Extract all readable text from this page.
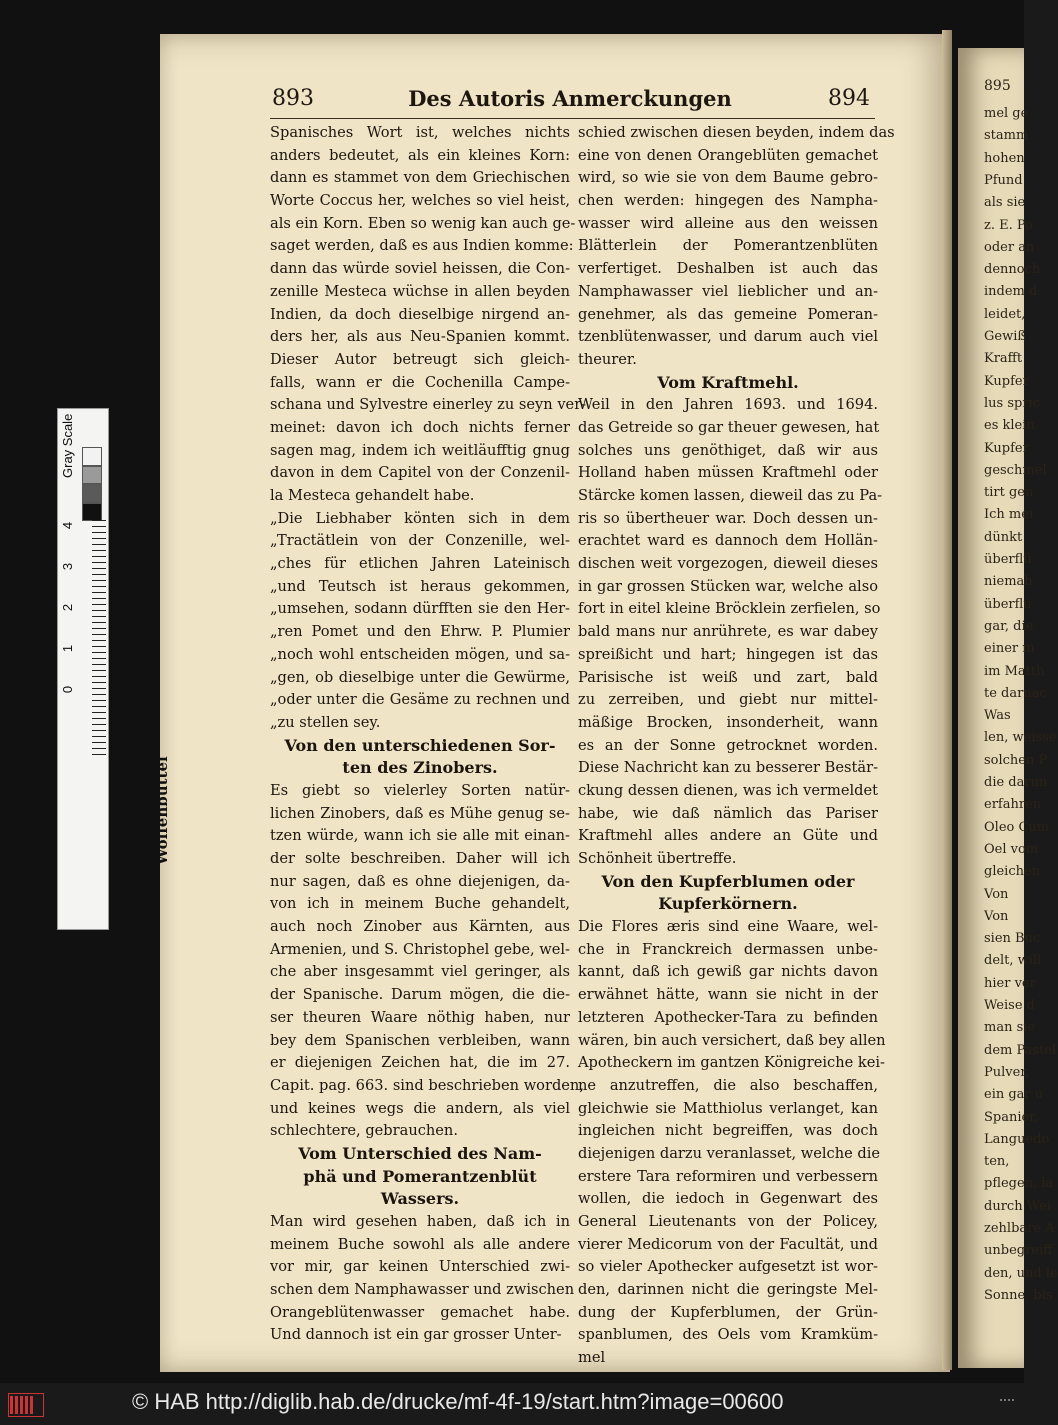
895
mel ge
stamm
hohen
Pfund
als sie
z. E. Po
oder an
dennoch
indem d
leidet,
Gewiß
Krafft
Kupfer
lus spric
es klein
Kupfer
geschmel
tirt gen
Ich mei
dünkt
überflü
niemah
überflü
gar, die
einer m
im Matth
te darnac
Was
len, weisse
solchen P
die darun
erfahren
Oleo Cum
Oel vom
gleichen
Von
Von
sien Buc
delt, will
hier ver
Weise d
man sie
dem Pastel
Pulver,
ein gar u
Spanier,
Languedo
ten,
pflegen, la
durch Wei
zehlbare A
unbegreiff
den, und le
Sonne, bis
893	Des Autoris Anmerckungen	894
Spanisches Wort ist, welches nichts
anders bedeutet, als ein kleines Korn:
dann es stammet von dem Griechischen
Worte Coccus her, welches so viel heist,
als ein Korn. Eben so wenig kan auch ge-
saget werden, daß es aus Indien komme:
dann das würde soviel heissen, die Con-
zenille Mesteca wüchse in allen beyden
Indien, da doch dieselbige nirgend an-
ders her, als aus Neu-Spanien kommt.
Dieser Autor betreugt sich gleich-
falls, wann er die Cochenilla Campe-
schana und Sylvestre einerley zu seyn ver-
meinet: davon ich doch nichts ferner
sagen mag, indem ich weitläufftig gnug
davon in dem Capitel von der Conzenil-
la Mesteca gehandelt habe.
„Die Liebhaber könten sich in dem
„Tractätlein von der Conzenille, wel-
„ches für etlichen Jahren Lateinisch
„und Teutsch ist heraus gekommen,
„umsehen, sodann dürfften sie den Her-
„ren Pomet und den Ehrw. P. Plumier
„noch wohl entscheiden mögen, und sa-
„gen, ob dieselbige unter die Gewürme,
„oder unter die Gesäme zu rechnen und
„zu stellen sey.
Von den unterschiedenen Sor-
ten des Zinobers.
Es giebt so vielerley Sorten natür-
lichen Zinobers, daß es Mühe genug se-
tzen würde, wann ich sie alle mit einan-
der solte beschreiben. Daher will ich
nur sagen, daß es ohne diejenigen, da-
von ich in meinem Buche gehandelt,
auch noch Zinober aus Kärnten, aus
Armenien, und S. Christophel gebe, wel-
che aber insgesammt viel geringer, als
der Spanische. Darum mögen, die die-
ser theuren Waare nöthig haben, nur
bey dem Spanischen verbleiben, wann
er diejenigen Zeichen hat, die im 27.
Capit. pag. 663. sind beschrieben worden,
und keines wegs die andern, als viel
schlechtere, gebrauchen.
Vom Unterschied des Nam-
phä und Pomerantzenblüt
Wassers.
Man wird gesehen haben, daß ich in
meinem Buche sowohl als alle andere
vor mir, gar keinen Unterschied zwi-
schen dem Namphawasser und zwischen
Orangeblütenwasser gemachet habe.
Und dannoch ist ein gar grosser Unter-
schied zwischen diesen beyden, indem das
eine von denen Orangeblüten gemachet
wird, so wie sie von dem Baume gebro-
chen werden: hingegen des Nampha-
wasser wird alleine aus den weissen
Blätterlein der Pomerantzenblüten
verfertiget. Deshalben ist auch das
Namphawasser viel lieblicher und an-
genehmer, als das gemeine Pomeran-
tzenblütenwasser, und darum auch viel
theurer.
Vom Kraftmehl.
Weil in den Jahren 1693. und 1694.
das Getreide so gar theuer gewesen, hat
solches uns genöthiget, daß wir aus
Holland haben müssen Kraftmehl oder
Stärcke komen lassen, dieweil das zu Pa-
ris so übertheuer war. Doch dessen un-
erachtet ward es dannoch dem Hollän-
dischen weit vorgezogen, dieweil dieses
in gar grossen Stücken war, welche also
fort in eitel kleine Bröcklein zerfielen, so
bald mans nur anrührete, es war dabey
spreißicht und hart; hingegen ist das
Parisische ist weiß und zart, bald
zu zerreiben, und giebt nur mittel-
mäßige Brocken, insonderheit, wann
es an der Sonne getrocknet worden.
Diese Nachricht kan zu besserer Bestär-
ckung dessen dienen, was ich vermeldet
habe, wie daß nämlich das Pariser
Kraftmehl alles andere an Güte und
Schönheit übertreffe.
Von den Kupferblumen oder
Kupferkörnern.
Die Flores æris sind eine Waare, wel-
che in Franckreich dermassen unbe-
kannt, daß ich gewiß gar nichts davon
erwähnet hätte, wann sie nicht in der
letzteren Apothecker-Tara zu befinden
wären, bin auch versichert, daß bey allen
Apotheckern im gantzen Königreiche kei-
ne anzutreffen, die also beschaffen,
gleichwie sie Matthiolus verlanget, kan
ingleichen nicht begreiffen, was doch
diejenigen darzu veranlasset, welche die
erstere Tara reformiren und verbessern
wollen, die iedoch in Gegenwart des
General Lieutenants von der Policey,
vierer Medicorum von der Facultät, und
so vieler Apothecker aufgesetzt ist wor-
den, darinnen nicht die geringste Mel-
dung der Kupferblumen, der Grün-
spanblumen, des Oels vom Kramküm-
mel
Gray Scale
0
1
2
3
4
Herzog August Bibliothek Wolfenbüttel
© HAB http://diglib.hab.de/drucke/mf-4f-19/start.htm?image=00600
